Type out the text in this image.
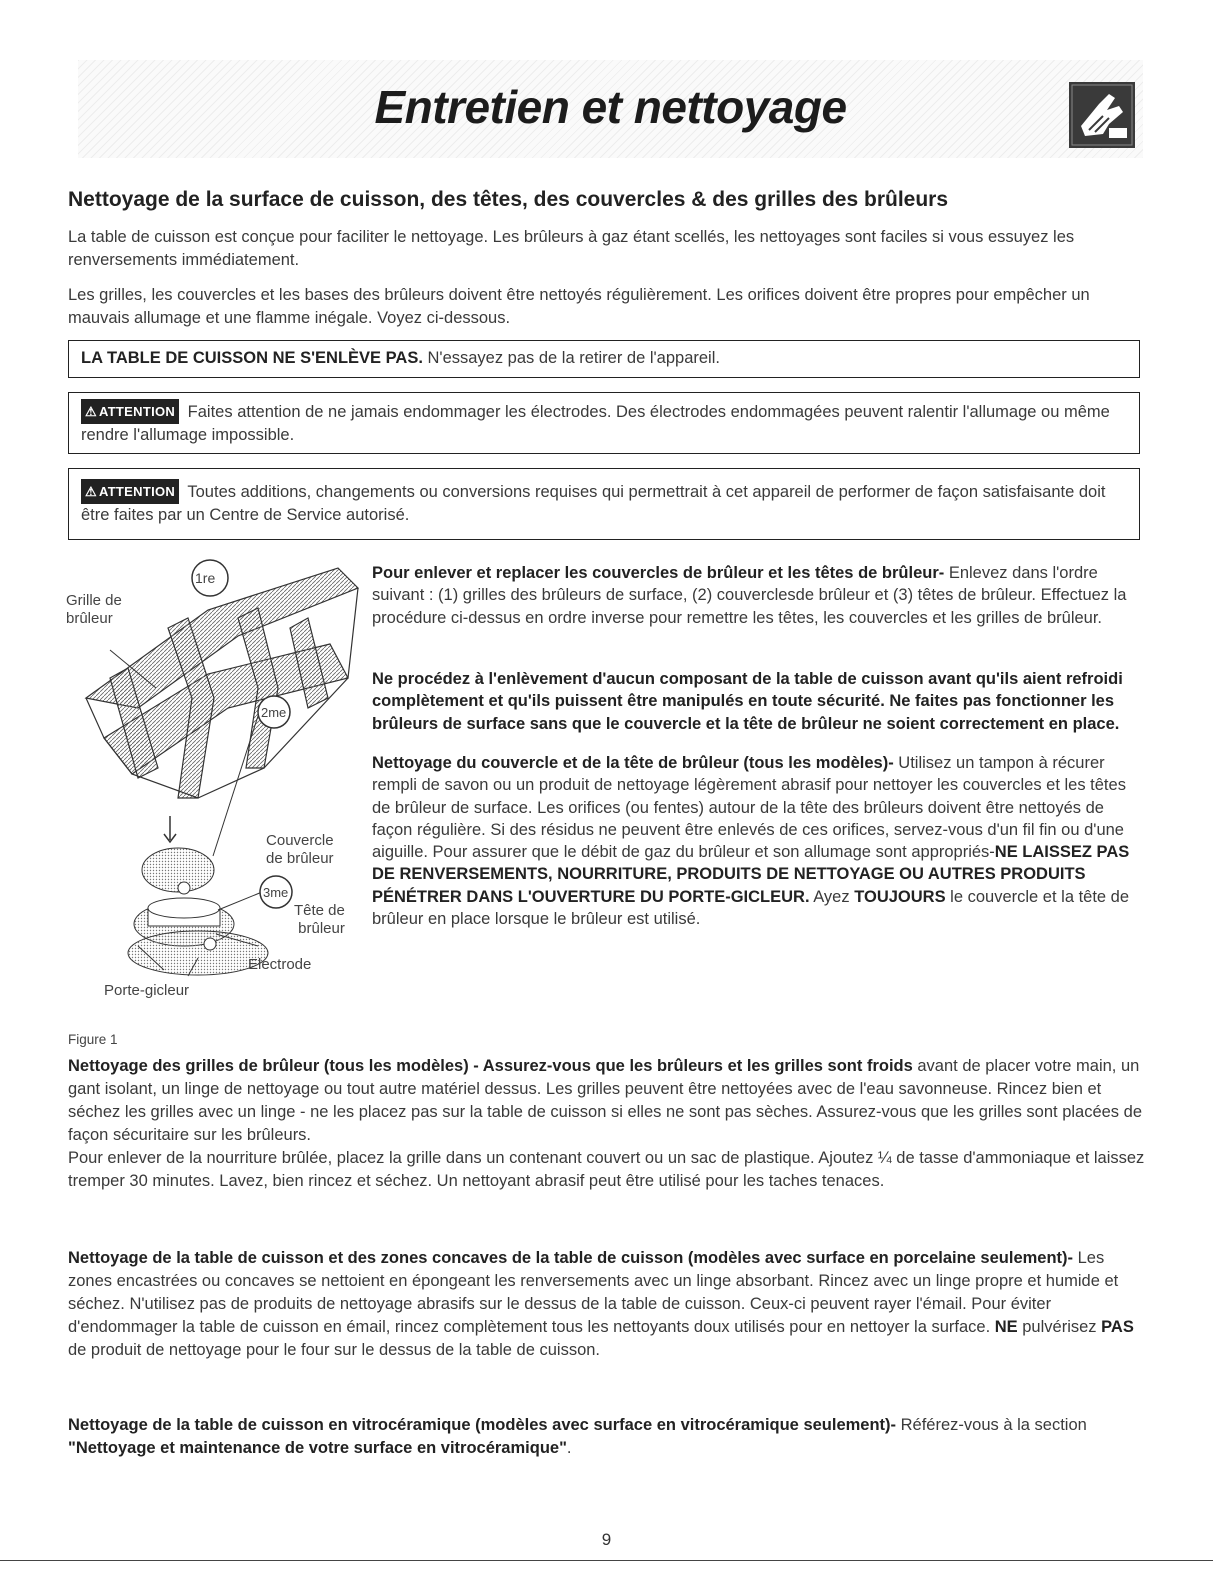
Entretien et nettoyage
Nettoyage de la surface de cuisson, des têtes, des couvercles & des grilles des brûleurs

La table de cuisson est conçue pour faciliter le nettoyage. Les brûleurs à gaz étant scellés, les nettoyages sont faciles si vous essuyez les renversements immédiatement.

Les grilles, les couvercles et les bases des brûleurs doivent être nettoyés régulièrement. Les orifices doivent être propres pour empêcher un mauvais allumage et une flamme inégale. Voyez ci-dessous.

LA TABLE DE CUISSON NE S'ENLÈVE PAS. N'essayez pas de la retirer de l'appareil.
⚠ ATTENTION Faites attention de ne jamais endommager les électrodes. Des électrodes endommagées peuvent ralentir l'allumage ou même rendre l'allumage impossible.
⚠ ATTENTION Toutes additions, changements ou conversions requises qui permettrait à cet appareil de performer de façon satisfaisante doit être faites par un Centre de Service autorisé.
Grille de
brûleur
1re
2me
3me
Couvercle
de brûleur
Tête de
brûleur
Electrode
Porte-gicleur

Pour enlever et replacer les couvercles de brûleur et les têtes de brûleur- Enlevez dans l'ordre suivant : (1) grilles des brûleurs de surface, (2) couverclesde brûleur et (3) têtes de brûleur. Effectuez la procédure ci-dessus en ordre inverse pour remettre les têtes, les couvercles et les grilles de brûleur.

Ne procédez à l'enlèvement d'aucun composant de la table de cuisson avant qu'ils aient refroidi complètement et qu'ils puissent être manipulés en toute sécurité. Ne faites pas fonctionner les brûleurs de surface sans que le couvercle et la tête de brûleur ne soient correctement en place.

Nettoyage du couvercle et de la tête de brûleur (tous les modèles)- Utilisez un tampon à récurer rempli de savon ou un produit de nettoyage légèrement abrasif pour nettoyer les couvercles et les têtes de brûleur de surface. Les orifices (ou fentes) autour de la tête des brûleurs doivent être nettoyés de façon régulière. Si des résidus ne peuvent être enlevés de ces orifices, servez-vous d'un fil fin ou d'une aiguille. Pour assurer que le débit de gaz du brûleur et son allumage sont appropriés-NE LAISSEZ PAS DE RENVERSEMENTS, NOURRITURE, PRODUITS DE NETTOYAGE OU AUTRES PRODUITS PÉNÉTRER DANS L'OUVERTURE DU PORTE-GICLEUR. Ayez TOUJOURS le couvercle et la tête de brûleur en place lorsque le brûleur est utilisé.

Figure 1

Nettoyage des grilles de brûleur (tous les modèles) - Assurez-vous que les brûleurs et les grilles sont froids avant de placer votre main, un gant isolant, un linge de nettoyage ou tout autre matériel dessus. Les grilles peuvent être nettoyées avec de l'eau savonneuse. Rincez bien et séchez les grilles avec un linge - ne les placez pas sur la table de cuisson si elles ne sont pas sèches. Assurez-vous que les grilles sont placées de façon sécuritaire sur les brûleurs.
Pour enlever de la nourriture brûlée, placez la grille dans un contenant couvert ou un sac de plastique. Ajoutez ¼ de tasse d'ammoniaque et laissez tremper 30 minutes. Lavez, bien rincez et séchez. Un nettoyant abrasif peut être utilisé pour les taches tenaces.

Nettoyage de la table de cuisson et des zones concaves de la table de cuisson (modèles avec surface en porcelaine seulement)- Les zones encastrées ou concaves se nettoient en épongeant les renversements avec un linge absorbant. Rincez avec un linge propre et humide et séchez. N'utilisez pas de produits de nettoyage abrasifs sur le dessus de la table de cuisson. Ceux-ci peuvent rayer l'émail. Pour éviter d'endommager la table de cuisson en émail, rincez complètement tous les nettoyants doux utilisés pour en nettoyer la surface. NE pulvérisez PAS de produit de nettoyage pour le four sur le dessus de la table de cuisson.

Nettoyage de la table de cuisson en vitrocéramique (modèles avec surface en vitrocéramique seulement)- Référez-vous à la section "Nettoyage et maintenance de votre surface en vitrocéramique".

9
